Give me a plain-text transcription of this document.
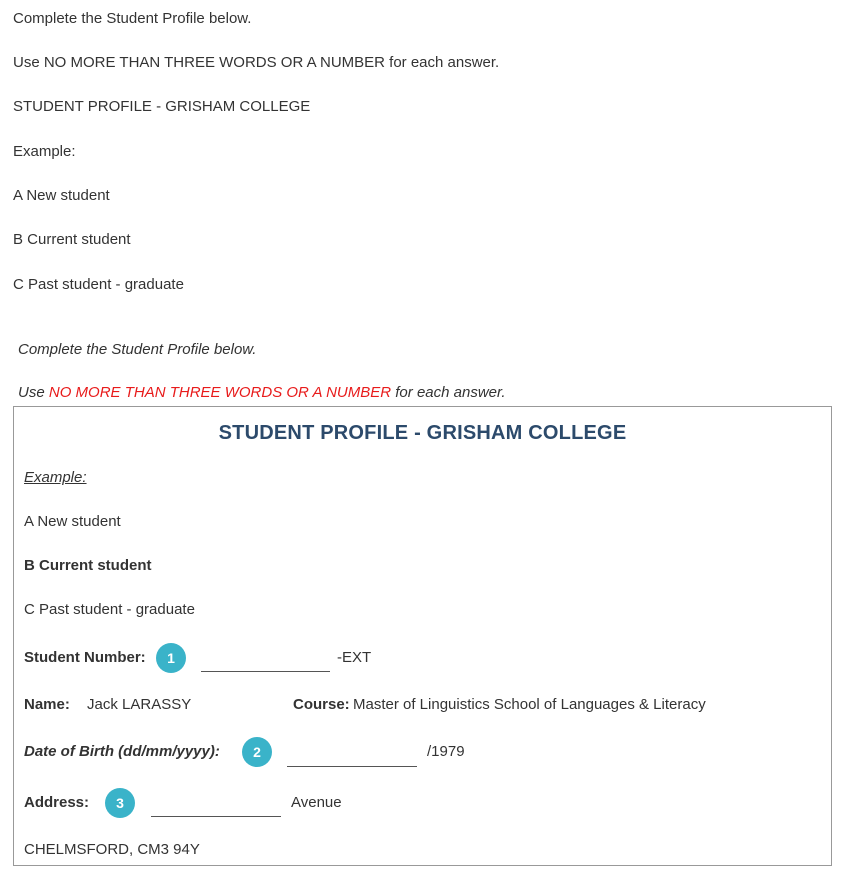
Complete the Student Profile below.
Use NO MORE THAN THREE WORDS OR A NUMBER for each answer.
STUDENT PROFILE - GRISHAM COLLEGE
Example:
A New student
B Current student
C Past student - graduate
Complete the Student Profile below.
Use NO MORE THAN THREE WORDS OR A NUMBER for each answer.
STUDENT PROFILE - GRISHAM COLLEGE
Example:
A New student
B Current student
C Past student - graduate
Student Number:	1	-EXT
Name: Jack LARASSY	Course: Master of Linguistics School of Languages & Literacy
Date of Birth (dd/mm/yyyy):	2	/1979
Address:	3	Avenue
CHELMSFORD, CM3 94Y
